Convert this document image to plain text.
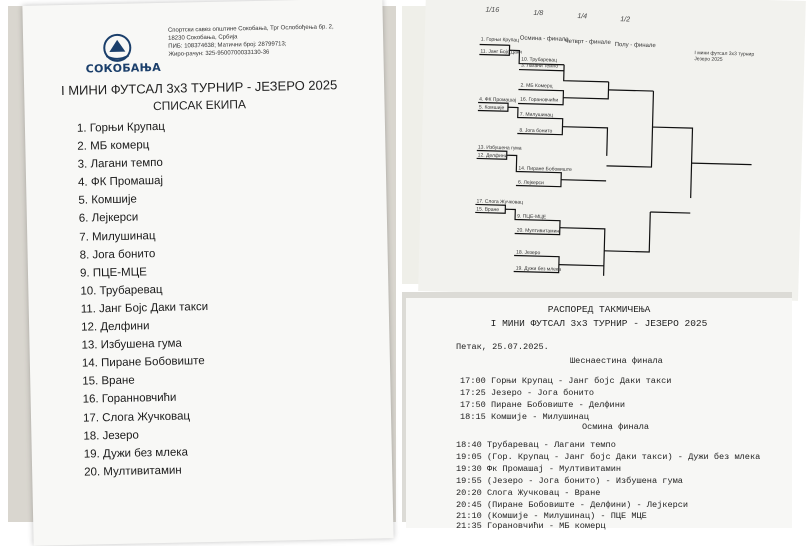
СОКОБАЊА
Спортски савез општине Сокобања, Трг Ослобођења бр. 2,
18230 Сокобања, Србија
ПИБ: 108374638; Матични број: 28799713;
Жиро-рачун: 325-9500700033130-36
I МИНИ ФУТСАЛ 3х3 ТУРНИР - ЈЕЗЕРО 2025
СПИСАК ЕКИПА
1. Горњи Крупац
2. МБ комерц
3. Лагани темпо
4. ФК Промашај
5. Комшије
6. Лејкерси
7. Милушинац
8. Јога бонито
9. ПЦЕ-МЦЕ
10. Трубаревац
11. Јанг Бојс Даки такси
12. Делфини
13. Избушена гума
14. Пиране Бобовиште
15. Вране
16. Горанновчићи
17. Слога Жучковац
18. Језеро
19. Дужи без млека
20. Мултивитамин
1/16	1/8	1/4	1/2
Осмина - финала
Четврт - финале Полу - финале
I мини футсал 3х3 турнир
Језеро 2025
1. Горњи Крупац
11. Јанг Бојс Даки
10. Трубаревац
3. Лагани темпо
2. МБ Комерц
16. Горановчићи
4. ФК Промашај
5. Комшије
7. Милушинац
8. Јога бонито
13. Избушена гума
12. Делфини
14. Пиране Бобовиште
6. Лејкерси
17. Слога Жучковац
15. Вране
9. ПЦЕ-МЦЕ
20. Мултивитамин
18. Језеро
19. Дужи без млека
РАСПОРЕД ТАКМИЧЕЊА
I МИНИ ФУТСАЛ 3х3 ТУРНИР - ЈЕЗЕРО 2025
Петак, 25.07.2025.
Шеснаестина финала
17:00 Горњи Крупац - Јанг бојс Даки такси
17:25 Језеро - Јога бонито
17:50 Пиране Бобовиште - Делфини
18:15 Комшије - Милушинац
Осмина финала
18:40 Трубаревац - Лагани темпо
19:05 (Гор. Крупац - Јанг бојс Даки такси) - Дужи без млека
19:30 Фк Промашај - Мултивитамин
19:55 (Језеро - Јога бонито) - Избушена гума
20:20 Слога Жучковац - Вране
20:45 (Пиране Бобовиште - Делфини) - Лејкерси
21:10 (Комшије - Милушинац) - ПЦЕ МЦЕ
21:35 Горановчићи - МБ комерц
